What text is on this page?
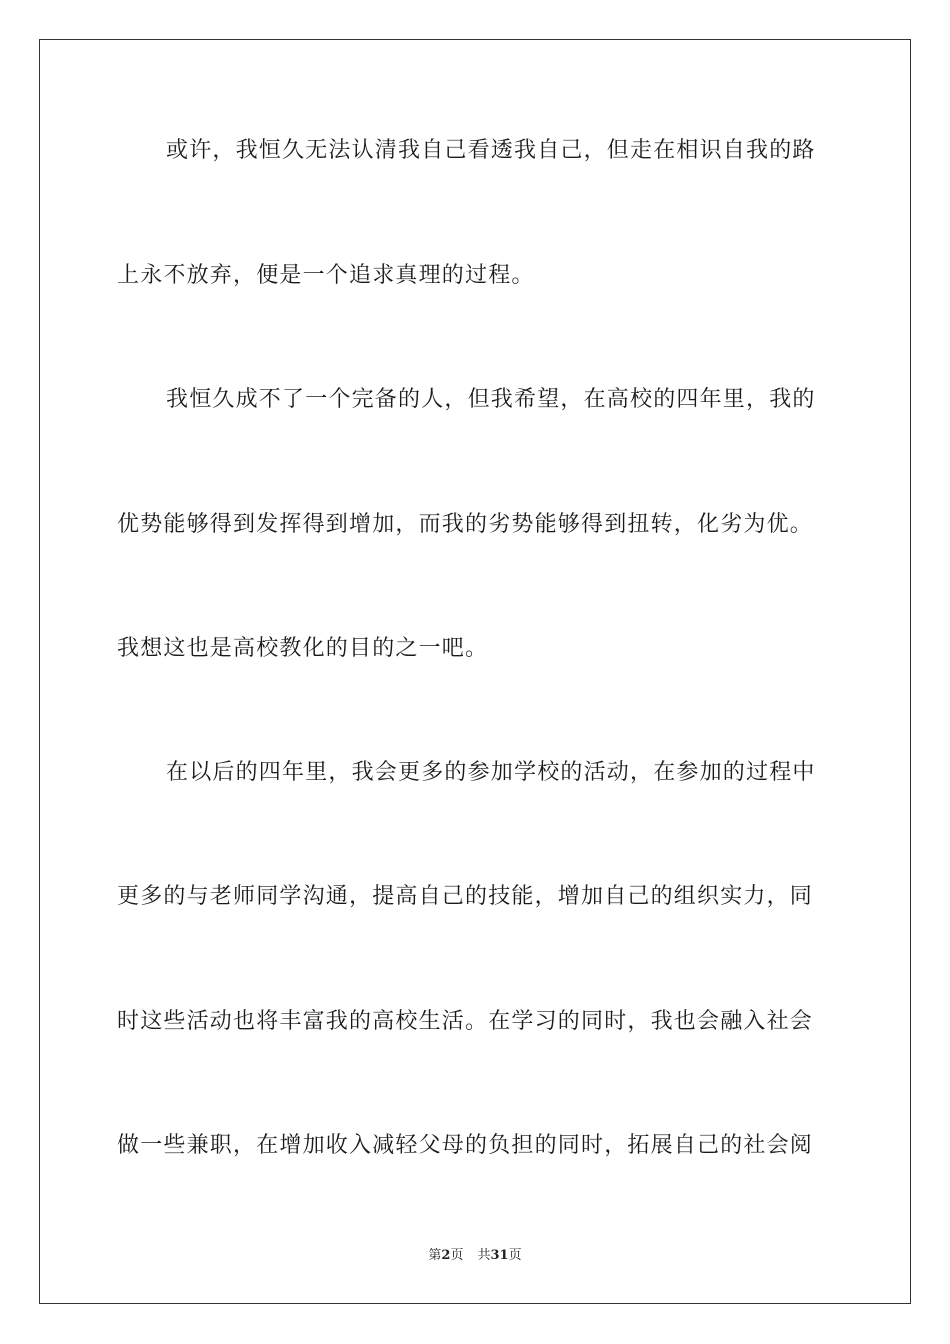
或许，我恒久无法认清我自己看透我自己，但走在相识自我的路
上永不放弃，便是一个追求真理的过程。
我恒久成不了一个完备的人，但我希望，在高校的四年里，我的
优势能够得到发挥得到增加，而我的劣势能够得到扭转，化劣为优。
我想这也是高校教化的目的之一吧。
在以后的四年里，我会更多的参加学校的活动，在参加的过程中
更多的与老师同学沟通，提高自己的技能，增加自己的组织实力，同
时这些活动也将丰富我的高校生活。在学习的同时，我也会融入社会
做一些兼职，在增加收入减轻父母的负担的同时，拓展自己的社会阅
第2页 共31页
